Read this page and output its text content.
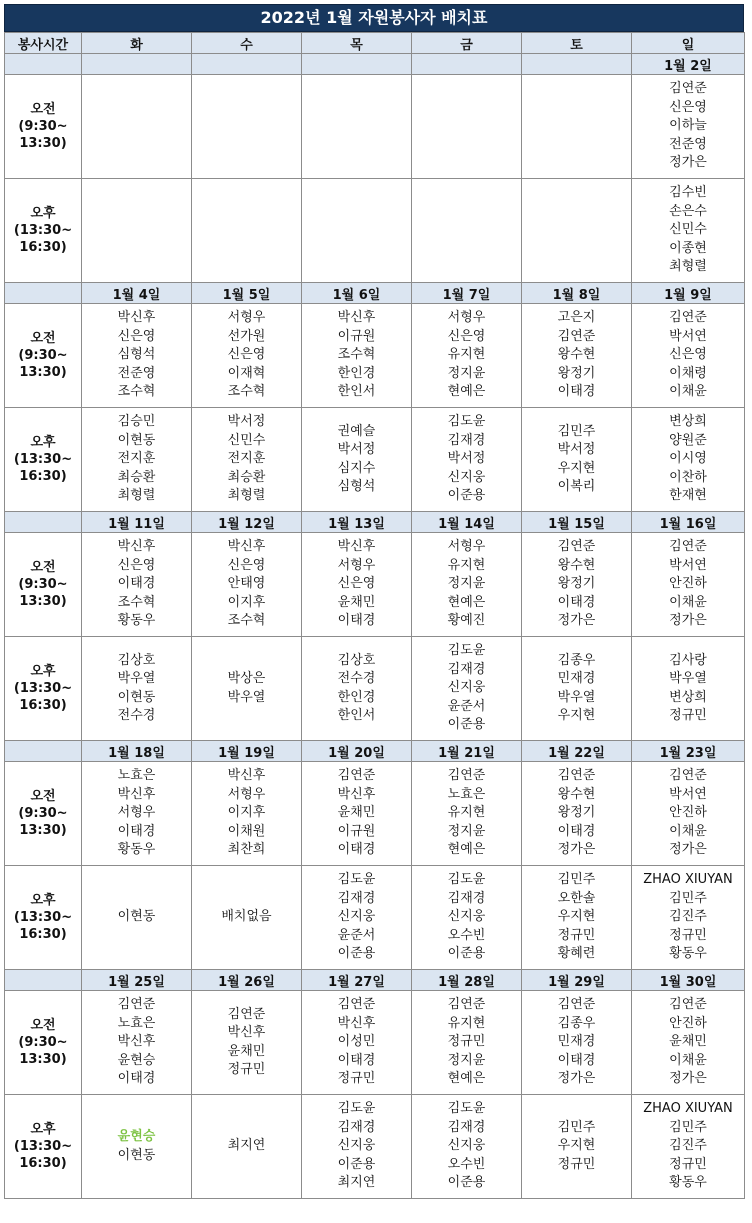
2022년 1월 자원봉사자 배치표
봉사시간	화	수	목	금	토	일
						1월 2일

오전
(9:30~
13:30)						김연준
신은영
이하늘
전준영
정가은

오후
(13:30~
16:30)						김수빈
손은수
신민수
이종현
최형렬

	1월 4일	1월 5일	1월 6일	1월 7일	1월 8일	1월 9일

오전
(9:30~
13:30)	박신후
신은영
심형석
전준영
조수혁	서형우
선가원
신은영
이재혁
조수혁	박신후
이규원
조수혁
한인경
한인서	서형우
신은영
유지현
정지윤
현예은	고은지
김연준
왕수현
왕정기
이태경	김연준
박서연
신은영
이채령
이채윤

오후
(13:30~
16:30)	김승민
이현동
전지훈
최승환
최형렬	박서정
신민수
전지훈
최승환
최형렬	권예슬
박서정
심지수
심형석	김도윤
김재경
박서정
신지웅
이준용	김민주
박서정
우지현
이복리	변상희
양원준
이시영
이찬하
한재현

	1월 11일	1월 12일	1월 13일	1월 14일	1월 15일	1월 16일

오전
(9:30~
13:30)	박신후
신은영
이태경
조수혁
황동우	박신후
신은영
안태영
이지후
조수혁	박신후
서형우
신은영
윤채민
이태경	서형우
유지현
정지윤
현예은
황예진	김연준
왕수현
왕정기
이태경
정가은	김연준
박서연
안진하
이채윤
정가은

오후
(13:30~
16:30)	김상호
박우열
이현동
전수경	박상은
박우열	김상호
전수경
한인경
한인서	김도윤
김재경
신지웅
윤준서
이준용	김종우
민재경
박우열
우지현	김사랑
박우열
변상희
정규민

	1월 18일	1월 19일	1월 20일	1월 21일	1월 22일	1월 23일

오전
(9:30~
13:30)	노효은
박신후
서형우
이태경
황동우	박신후
서형우
이지후
이채원
최찬희	김연준
박신후
윤채민
이규원
이태경	김연준
노효은
유지현
정지윤
현예은	김연준
왕수현
왕정기
이태경
정가은	김연준
박서연
안진하
이채윤
정가은

오후
(13:30~
16:30)	이현동	배치없음	김도윤
김재경
신지웅
윤준서
이준용	김도윤
김재경
신지웅
오수빈
이준용	김민주
오한솔
우지현
정규민
황혜련	ZHAO XIUYAN
김민주
김진주
정규민
황동우

	1월 25일	1월 26일	1월 27일	1월 28일	1월 29일	1월 30일

오전
(9:30~
13:30)	김연준
노효은
박신후
윤현승
이태경	김연준
박신후
윤채민
정규민	김연준
박신후
이성민
이태경
정규민	김연준
유지현
정규민
정지윤
현예은	김연준
김종우
민재경
이태경
정가은	김연준
안진하
윤채민
이채윤
정가은

오후
(13:30~
16:30)	윤현승
이현동	최지연	김도윤
김재경
신지웅
이준용
최지연	김도윤
김재경
신지웅
오수빈
이준용	김민주
우지현
정규민	ZHAO XIUYAN
김민주
김진주
정규민
황동우
